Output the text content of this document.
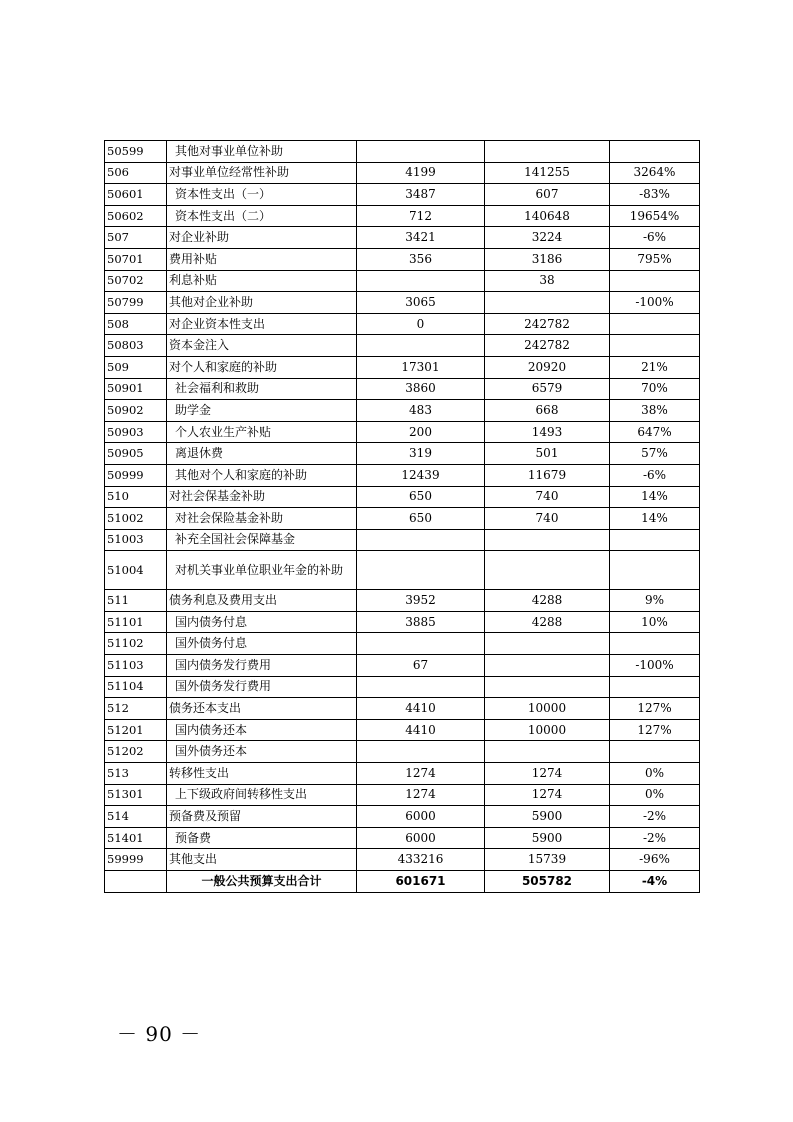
50599	其他对事业单位补助			
506	对事业单位经常性补助	4199	141255	3264%
50601	资本性支出（一）	3487	607	-83%
50602	资本性支出（二）	712	140648	19654%
507	对企业补助	3421	3224	-6%
50701	费用补贴	356	3186	795%
50702	利息补贴		38	
50799	其他对企业补助	3065		-100%
508	对企业资本性支出	0	242782	
50803	资本金注入		242782	
509	对个人和家庭的补助	17301	20920	21%
50901	社会福利和救助	3860	6579	70%
50902	助学金	483	668	38%
50903	个人农业生产补贴	200	1493	647%
50905	离退休费	319	501	57%
50999	其他对个人和家庭的补助	12439	11679	-6%
510	对社会保基金补助	650	740	14%
51002	对社会保险基金补助	650	740	14%
51003	补充全国社会保障基金			
51004	对机关事业单位职业年金的补助			
511	债务利息及费用支出	3952	4288	9%
51101	国内债务付息	3885	4288	10%
51102	国外债务付息			
51103	国内债务发行费用	67		-100%
51104	国外债务发行费用			
512	债务还本支出	4410	10000	127%
51201	国内债务还本	4410	10000	127%
51202	国外债务还本			
513	转移性支出	1274	1274	0%
51301	上下级政府间转移性支出	1274	1274	0%
514	预备费及预留	6000	5900	-2%
51401	预备费	6000	5900	-2%
59999	其他支出	433216	15739	-96%
	一般公共预算支出合计	601671	505782	-4%
－ 90 －
